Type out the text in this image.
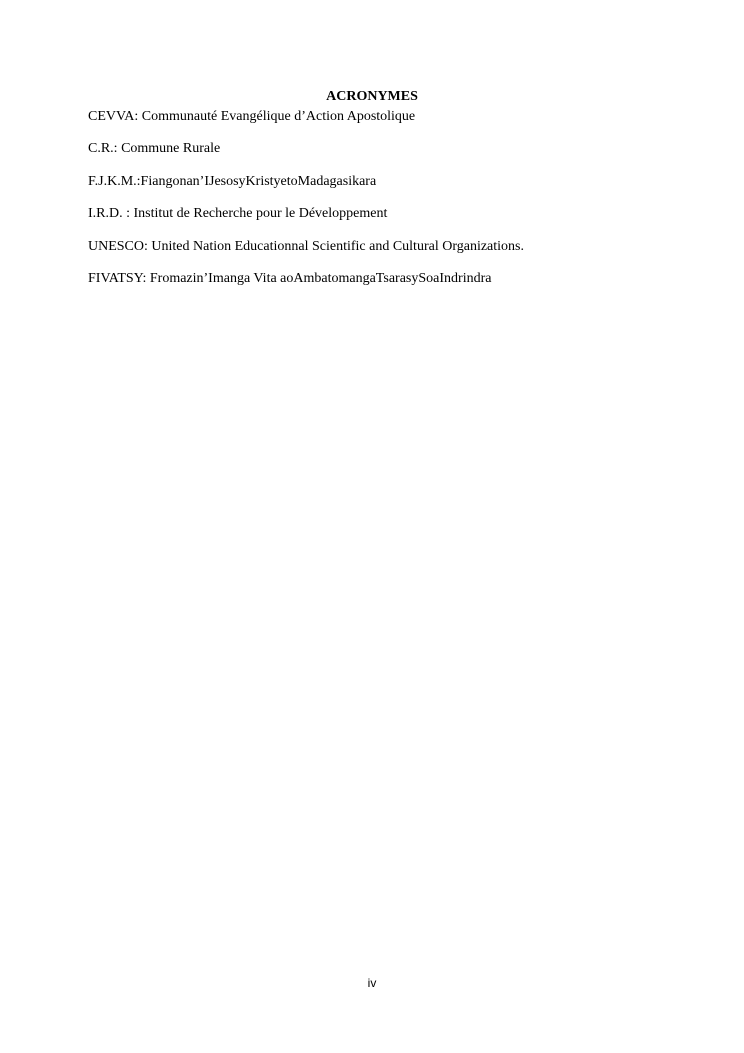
ACRONYMES
CEVVA: Communauté Evangélique d’Action Apostolique
C.R.: Commune Rurale
F.J.K.M.:Fiangonan’IJesosyKristyetoMadagasikara
I.R.D. : Institut de Recherche pour le Développement
UNESCO: United Nation Educationnal Scientific and Cultural Organizations.
FIVATSY: Fromazin’Imanga Vita aoAmbatomangaTsarasySoaIndrindra
iv
